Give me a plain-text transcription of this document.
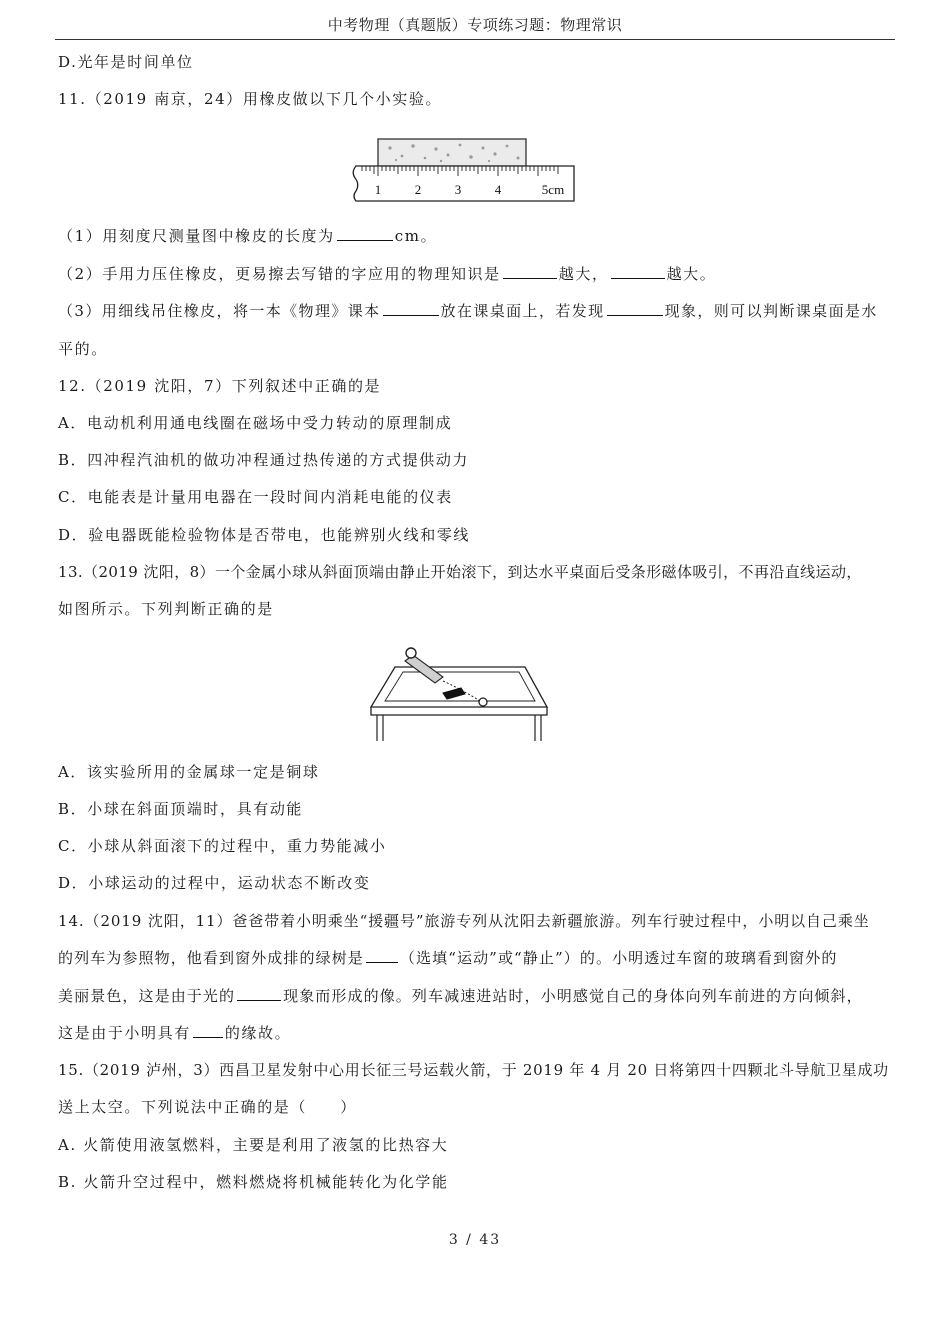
中考物理（真题版）专项练习题：物理常识
D.光年是时间单位
11.（2019 南京，24）用橡皮做以下几个小实验。
1	2	3	4	5cm
（1）用刻度尺测量图中橡皮的长度为	cm。
（2）手用力压住橡皮，更易擦去写错的字应用的物理知识是	越大，	越大。
（3）用细线吊住橡皮，将一本《物理》课本	放在课桌面上，若发现	现象，则可以判断课桌面是水
平的。
12.（2019 沈阳，7）下列叙述中正确的是
A．电动机利用通电线圈在磁场中受力转动的原理制成
B．四冲程汽油机的做功冲程通过热传递的方式提供动力
C．电能表是计量用电器在一段时间内消耗电能的仪表
D．验电器既能检验物体是否带电，也能辨别火线和零线
13.（2019 沈阳，8）一个金属小球从斜面顶端由静止开始滚下，到达水平桌面后受条形磁体吸引，不再沿直线运动，
如图所示。下列判断正确的是
A．该实验所用的金属球一定是铜球
B．小球在斜面顶端时，具有动能
C．小球从斜面滚下的过程中，重力势能减小
D．小球运动的过程中，运动状态不断改变
14.（2019 沈阳，11）爸爸带着小明乘坐“援疆号”旅游专列从沈阳去新疆旅游。列车行驶过程中，小明以自己乘坐
的列车为参照物，他看到窗外成排的绿树是 （选填“运动”或“静止”）的。小明透过车窗的玻璃看到窗外的
美丽景色，这是由于光的	现象而形成的像。列车减速进站时，小明感觉自己的身体向列车前进的方向倾斜，
这是由于小明具有 的缘故。
15.（2019 泸州，3）西昌卫星发射中心用长征三号运载火箭，于 2019 年 4 月 20 日将第四十四颗北斗导航卫星成功
送上太空。下列说法中正确的是（　　）
A. 火箭使用液氢燃料，主要是利用了液氢的比热容大
B. 火箭升空过程中，燃料燃烧将机械能转化为化学能
3 / 43
